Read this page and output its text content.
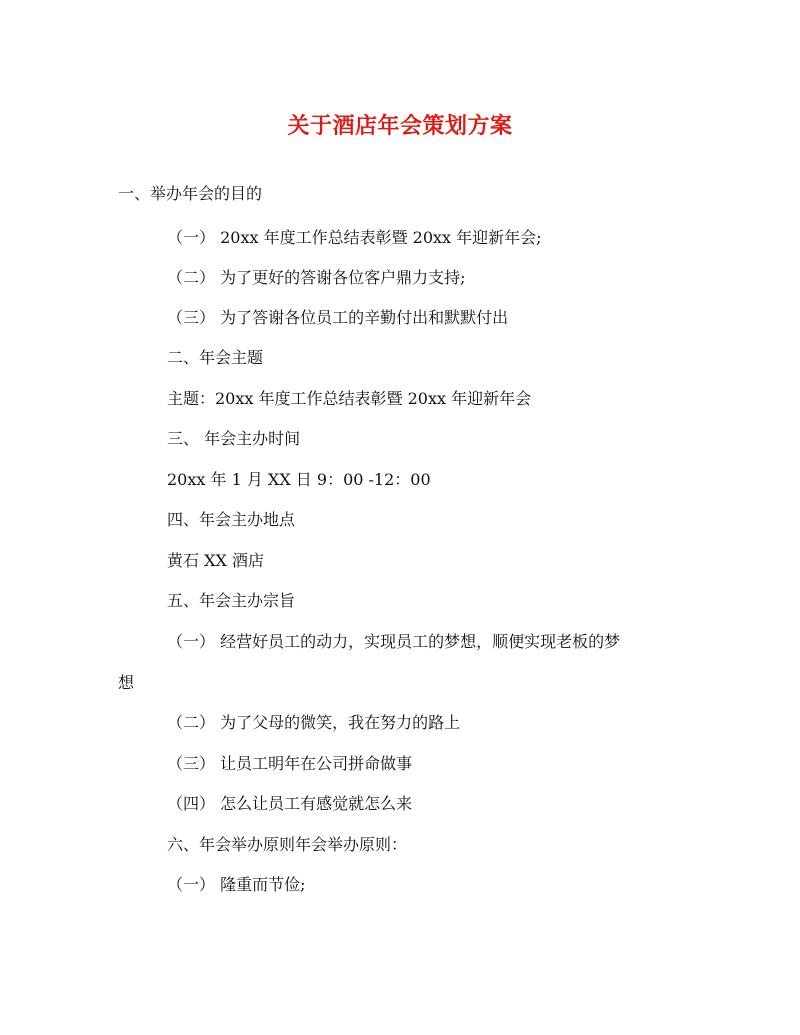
关于酒店年会策划方案
一、举办年会的目的
（一） 20xx 年度工作总结表彰暨 20xx 年迎新年会;
（二） 为了更好的答谢各位客户鼎力支持;
（三） 为了答谢各位员工的辛勤付出和默默付出
二、年会主题
主题：20xx 年度工作总结表彰暨 20xx 年迎新年会
三、 年会主办时间
20xx 年 1 月 XX 日 9：00 -12：00
四、年会主办地点
黄石 XX 酒店
五、年会主办宗旨
（一） 经营好员工的动力，实现员工的梦想，顺便实现老板的梦
想
（二） 为了父母的微笑，我在努力的路上
（三） 让员工明年在公司拼命做事
（四） 怎么让员工有感觉就怎么来
六、年会举办原则年会举办原则：
（一） 隆重而节俭;
